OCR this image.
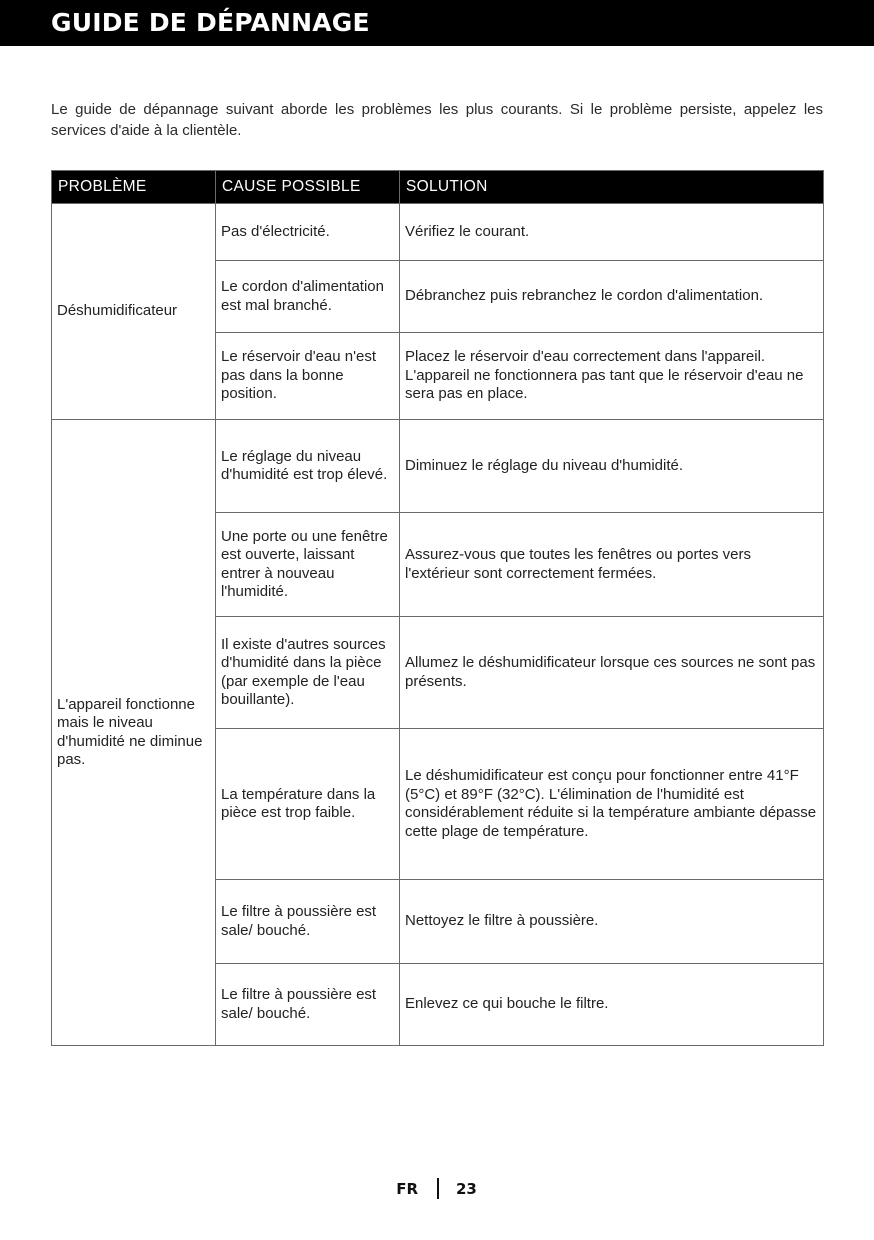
GUIDE DE DÉPANNAGE

Le guide de dépannage suivant aborde les problèmes les plus courants. Si le problème persiste, appelez les services d'aide à la clientèle.

PROBLÈME	CAUSE POSSIBLE	SOLUTION
Déshumidificateur	Pas d'électricité.	Vérifiez le courant.
	Le cordon d'alimentation est mal branché.	Débranchez puis rebranchez le cordon d'alimentation.
	Le réservoir d'eau n'est pas dans la bonne position.	Placez le réservoir d'eau correctement dans l'appareil. L'appareil ne fonctionnera pas tant que le réservoir d'eau ne sera pas en place.
L'appareil fonctionne mais le niveau d'humidité ne diminue pas.	Le réglage du niveau d'humidité est trop élevé.	Diminuez le réglage du niveau d'humidité.
	Une porte ou une fenêtre est ouverte, laissant entrer à nouveau l'humidité.	Assurez-vous que toutes les fenêtres ou portes vers l'extérieur sont correctement fermées.
	Il existe d'autres sources d'humidité dans la pièce (par exemple de l'eau bouillante).	Allumez le déshumidificateur lorsque ces sources ne sont pas présents.
	La température dans la pièce est trop faible.	Le déshumidificateur est conçu pour fonctionner entre 41°F (5°C) et 89°F (32°C). L'élimination de l'humidité est considérablement réduite si la température ambiante dépasse cette plage de température.
	Le filtre à poussière est sale/ bouché.	Nettoyez le filtre à poussière.
	Le filtre à poussière est sale/ bouché.	Enlevez ce qui bouche le filtre.
FR	23
